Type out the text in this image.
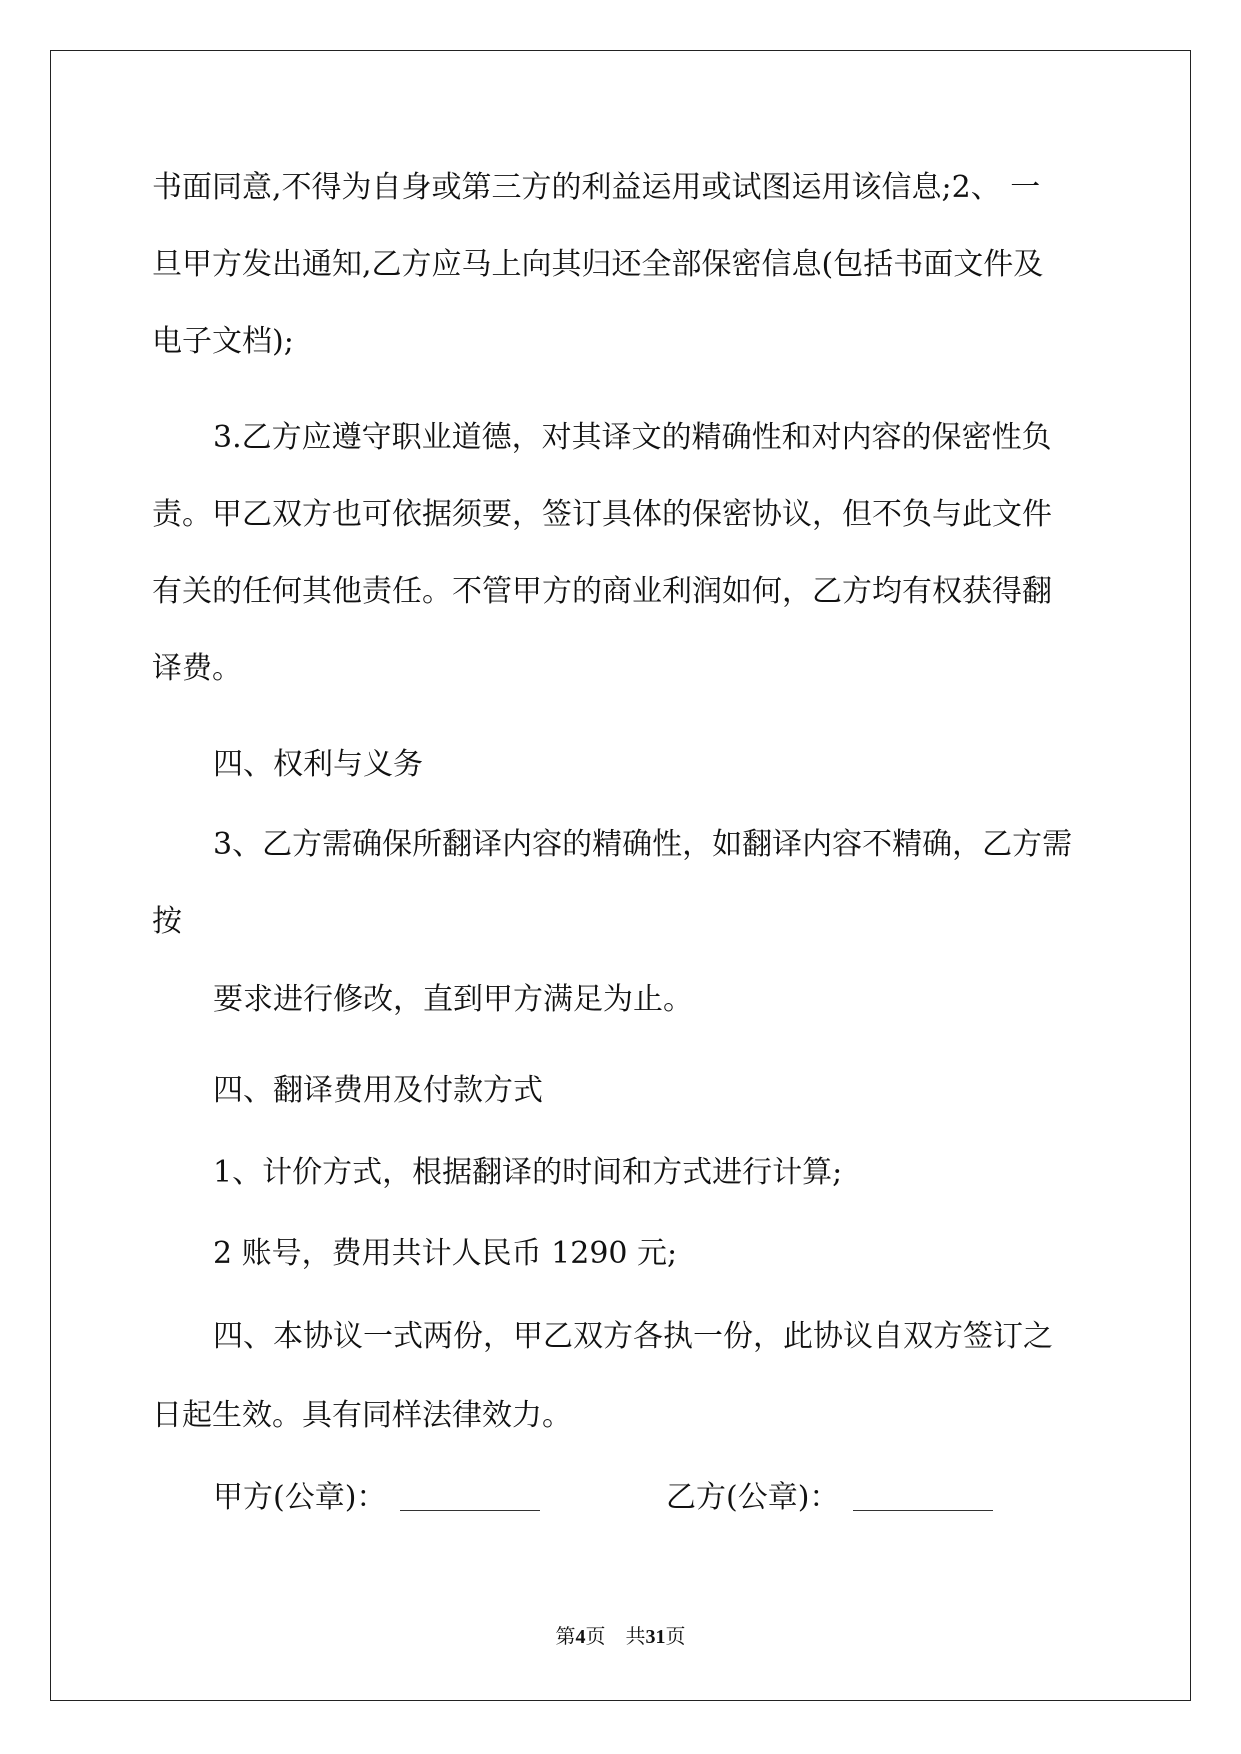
书面同意,不得为自身或第三方的利益运用或试图运用该信息;2、 一
旦甲方发出通知,乙方应马上向其归还全部保密信息(包括书面文件及
电子文档);
3.乙方应遵守职业道德，对其译文的精确性和对内容的保密性负
责。甲乙双方也可依据须要，签订具体的保密协议，但不负与此文件
有关的任何其他责任。不管甲方的商业利润如何，乙方均有权获得翻
译费。
四、权利与义务
3、乙方需确保所翻译内容的精确性，如翻译内容不精确，乙方需
按
要求进行修改，直到甲方满足为止。
四、翻译费用及付款方式
1、计价方式，根据翻译的时间和方式进行计算;
2 账号，费用共计人民币 1290 元;
四、本协议一式两份，甲乙双方各执一份，此协议自双方签订之
日起生效。具有同样法律效力。
甲方(公章)：	乙方(公章)：
第4页　共31页
